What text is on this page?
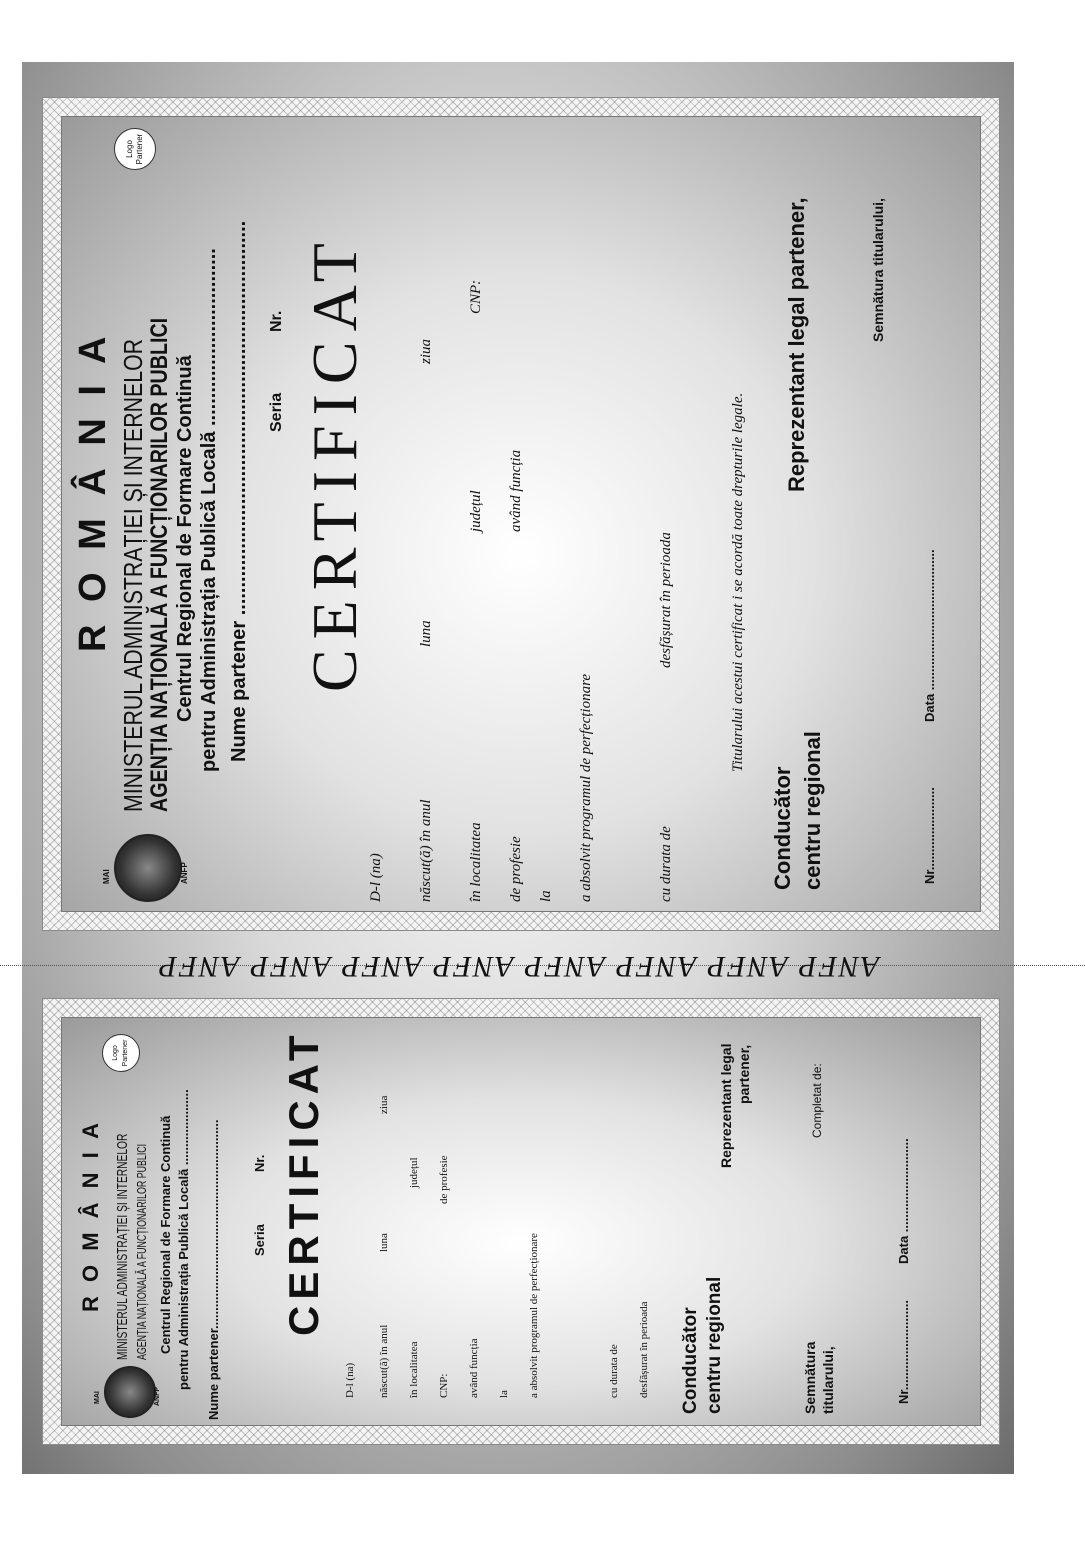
MAI	ANFP
R O M Â N I A MINISTERUL ADMINISTRAȚIEI ȘI INTERNELOR
AGENȚIA NAȚIONALĂ A FUNCȚIONARILOR PUBLICI Centrul Regional de Formare Continuă pentru Administrația Publică Locală ................................
Logo Partener
Nume partener ....................................................................... Seria
Nr. CERTIFICAT
D-l (na) născut(ă) în anul
luna
ziua
în localitatea
județul
CNP:
de profesie
având funcția
la a absolvit programul de perfecționare	cu durata de
desfășurat în perioada	Titularului acestui certificat i se acordă toate drepturile legale.
Conducător centru regional
Reprezentant legal partener,	Semnătura titularului,
Nr.......................
Data .......................................
ANFP ANFP ANFP ANFP ANFP ANFP ANFP ANFP
MAI	ANFP
R O M Â N I A MINISTERUL ADMINISTRAȚIEI ȘI INTERNELOR AGENȚIA NAȚIONALĂ A FUNCȚIONARILOR PUBLICI Centrul Regional de Formare Continuă pentru Administrația Publică Locală .....................
Logo Partener
Nume partener.......................................................... Seria
Nr. CERTIFICAT
D-l (na) născut(ă) în anul
luna
ziua
în localitatea
județul
CNP:
de profesie
având funcția la a absolvit programul de perfecționare	cu durata de desfășurat în perioada Conducător centru regional
Reprezentant legal partener,
Semnătura titularului,
Completat de:
Nr.........................
Data ..........................
